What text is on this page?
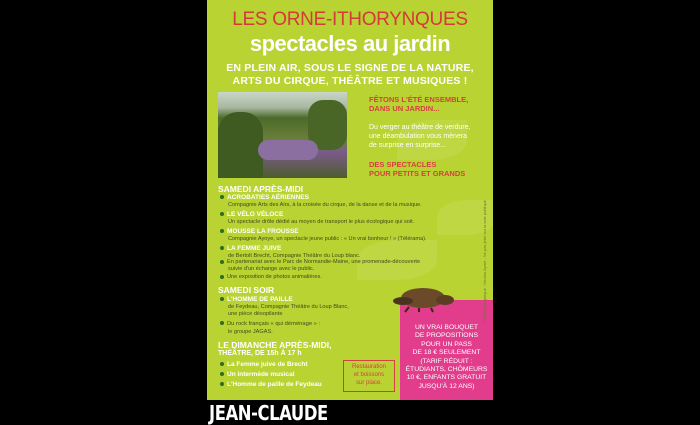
LES ORNE-ITHORYNQUES
spectacles au jardin
EN PLEIN AIR, SOUS LE SIGNE DE LA NATURE,
ARTS DU CIRQUE, THÉÂTRE ET MUSIQUES !
FÊTONS L'ÉTÉ ENSEMBLE,
DANS UN JARDIN...
Du verger au théâtre de verdure,
une déambulation vous mènera
de surprise en surprise...
DES SPECTACLES
POUR PETITS ET GRANDS
SAMEDI APRÈS-MIDI
ACROBATIES AÉRIENNES
Compagnie Arts des Airs, à la croisée du cirque, de la danse et de la musique.
LE VÉLO VÉLOCE
Un spectacle drôle dédié au moyen de transport le plus écologique qui soit.
MOUSSE LA FROUSSE
Compagnie Ayoye, un spectacle jeune public : « Un vrai bonheur ! » (Télérama).
LA FEMME JUIVE
de Bertolt Brecht, Compagnie Théâtre du Loup blanc.
En partenariat avec le Parc de Normandie-Maine, une promenade-découverte
suivie d'un échange avec le public.
Une exposition de photos animalières.
SAMEDI SOIR
L'HOMME DE PAILLE
de Feydeau, Compagnie Théâtre du Loup Blanc,
une pièce désopilante
Du rock français « qui déménage » :
le groupe JAGAS.
LE DIMANCHE APRÈS-MIDI,
THÉÂTRE, DE 15h À 17 h
La Femme juive de Brecht
Un intermède musical
L'Homme de paille de Feydeau
Restauration
et boissons
sur place.
UN VRAI BOUQUET
DE PROPOSITIONS
POUR UN PASS
DE 18 € SEULEMENT
(TARIF RÉDUIT :
ÉTUDIANTS, CHÔMEURS
10 €, ENFANTS GRATUIT
JUSQU'À 12 ANS)
Création graphique : Nicolas Aymé - Ne pas jeter sur la voie publique
JEAN-CLAUDE
